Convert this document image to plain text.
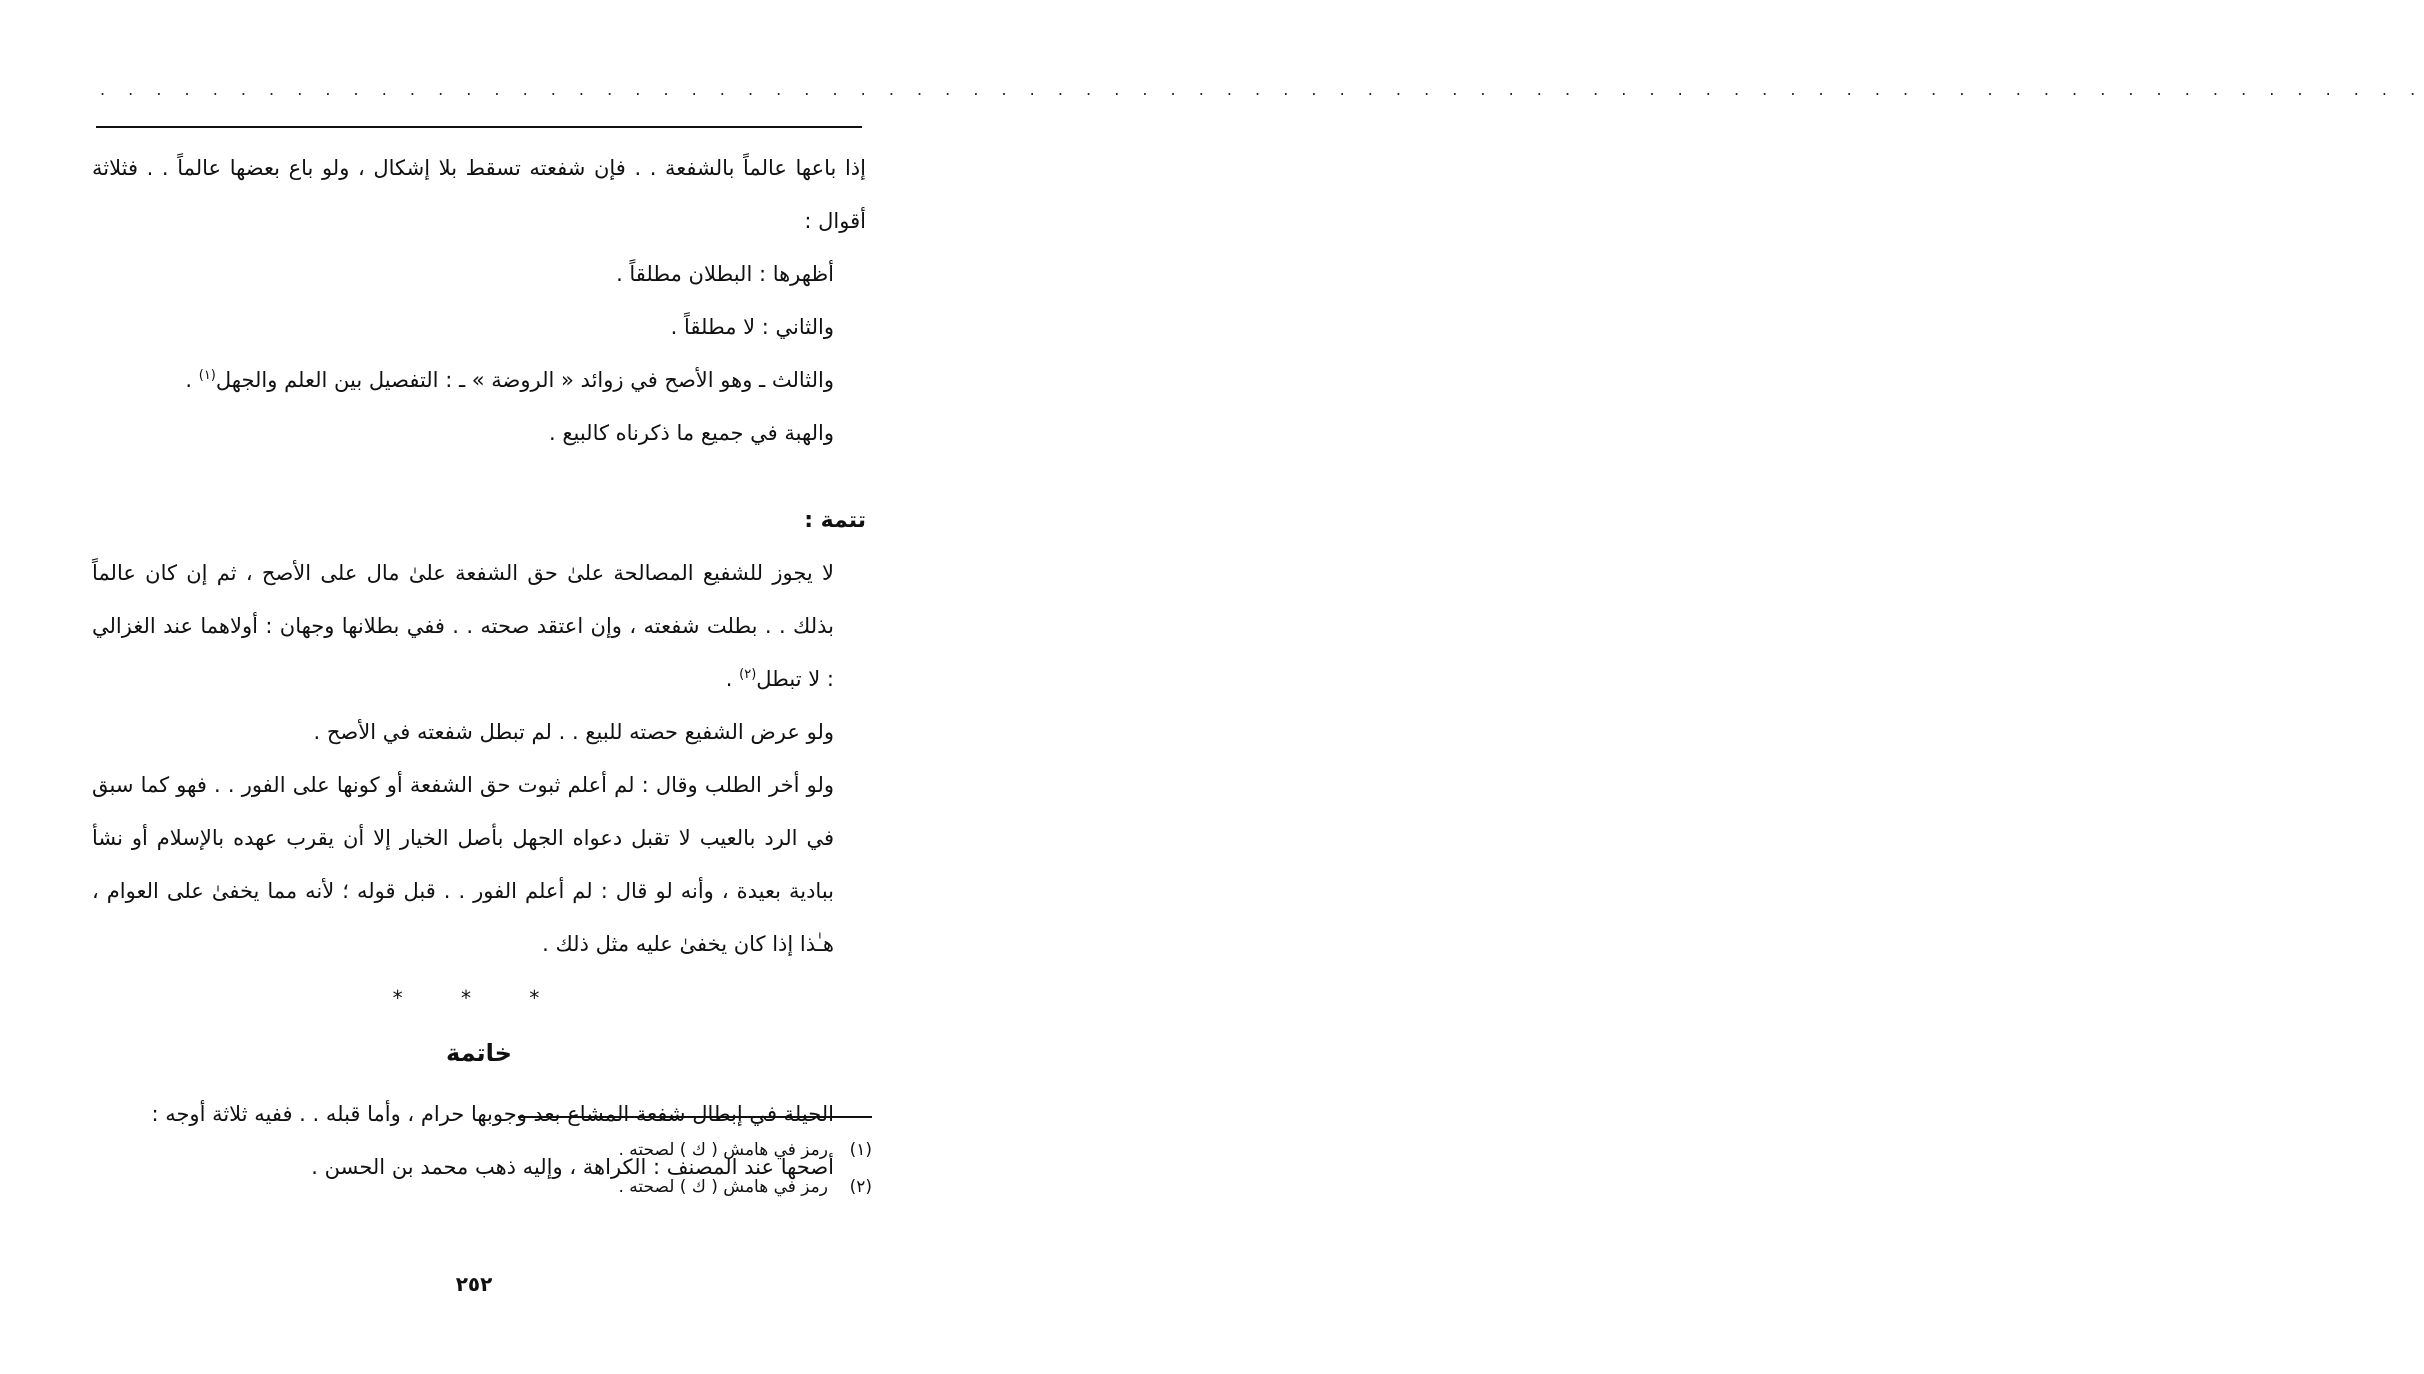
. . . . . . . . . . . . . . . . . . . . . . . . . . . . . . . . . . . . . . . . . . . . . . . . . . . . . . . . . . . . . . . . . . . . . . . . . . . . . . . . . . .

إذا باعها عالماً بالشفعة . . فإن شفعته تسقط بلا إشكال ، ولو باع بعضها عالماً . . فثلاثة أقوال :

أظهرها : البطلان مطلقاً .

والثاني : لا مطلقاً .

والثالث ـ وهو الأصح في زوائد « الروضة » ـ : التفصيل بين العلم والجهل$^{(١)}$ .

والهبة في جميع ما ذكرناه كالبيع .

تتمة :

لا يجوز للشفيع المصالحة علىٰ حق الشفعة علىٰ مال على الأصح ، ثم إن كان عالماً بذلك . . بطلت شفعته ، وإن اعتقد صحته . . ففي بطلانها وجهان : أولاهما عند الغزالي : لا تبطل$^{(٢)}$ .

ولو عرض الشفيع حصته للبيع . . لم تبطل شفعته في الأصح .

ولو أخر الطلب وقال : لم أعلم ثبوت حق الشفعة أو كونها على الفور . . فهو كما سبق في الرد بالعيب لا تقبل دعواه الجهل بأصل الخيار إلا أن يقرب عهده بالإسلام أو نشأ ببادية بعيدة ، وأنه لو قال : لم أعلم الفور . . قبل قوله ؛ لأنه مما يخفىٰ على العوام ، هـٰذا إذا كان يخفىٰ عليه مثل ذلك .

* * *

خاتمة

الحيلة في إبطال شفعة المشاع بعد وجوبها حرام ، وأما قبله . . ففيه ثلاثة أوجه :

أصحها عند المصنف : الكراهة ، وإليه ذهب محمد بن الحسن .

(١)رمز في هامش ( ك ) لصحته .
(٢)رمز في هامش ( ك ) لصحته .
٢٥٢
